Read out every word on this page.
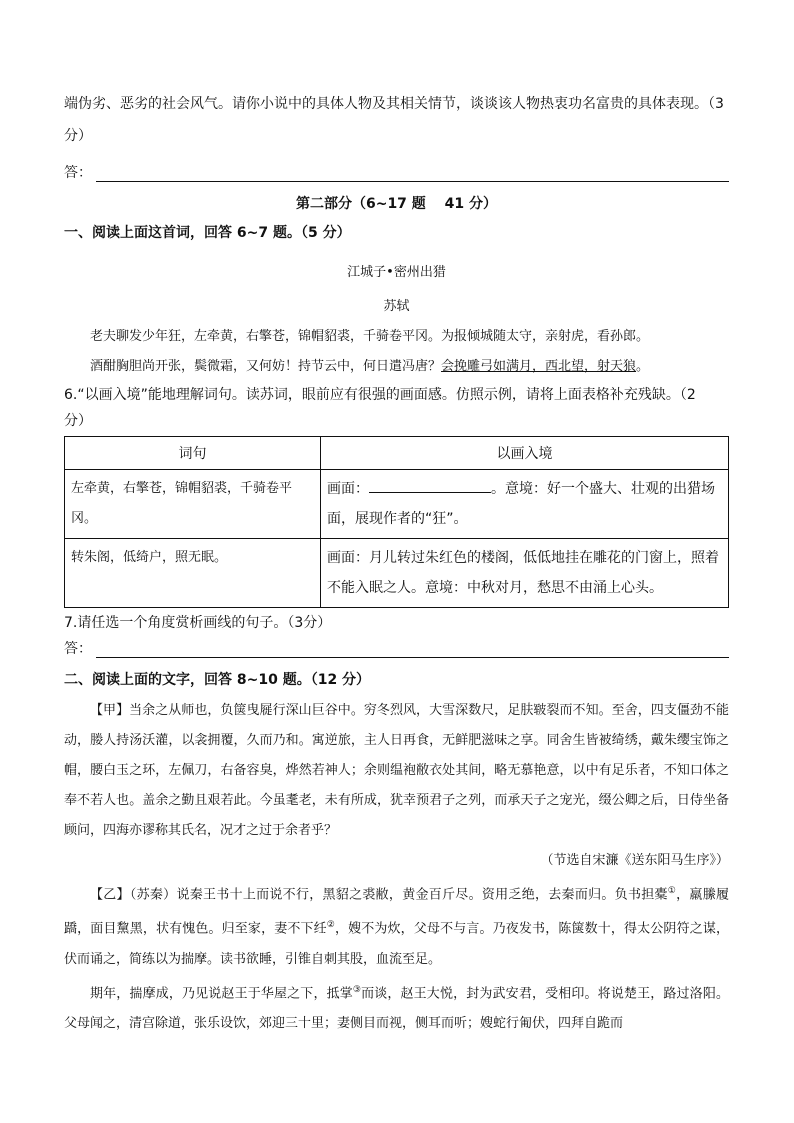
端伪劣、恶劣的社会风气。请你小说中的具体人物及其相关情节，谈谈该人物热衷功名富贵的具体表现。（3
分）
答：
第二部分（6~17 题　 41 分）
一、阅读上面这首词，回答 6~7 题。（5 分）
江城子•密州出猎
苏轼
老夫聊发少年狂，左牵黄，右擎苍，锦帽貂裘，千骑卷平冈。为报倾城随太守，亲射虎，看孙郎。
酒酣胸胆尚开张，鬓微霜，又何妨！持节云中，何日遣冯唐？会挽雕弓如满月，西北望，射天狼。
6.“以画入境”能地理解词句。读苏词，眼前应有很强的画面感。仿照示例，请将上面表格补充残缺。（2
分）
词句	以画入境
左牵黄，右擎苍，锦帽貂裘，千骑卷平冈。	画面： 。意境：好一个盛大、壮观的出猎场面，展现作者的“狂”。
转朱阁，低绮户，照无眠。	画面：月儿转过朱红色的楼阁，低低地挂在雕花的门窗上，照着不能入眠之人。意境：中秋对月，愁思不由涌上心头。
7.请任选一个角度赏析画线的句子。（3分）
答：
二、阅读上面的文字，回答 8~10 题。（12 分）
【甲】当余之从师也，负箧曳屣行深山巨谷中。穷冬烈风，大雪深数尺，足肤皲裂而不知。至舍，四支僵劲不能动，媵人持汤沃灌，以衾拥覆，久而乃和。寓逆旅，主人日再食，无鲜肥滋味之享。同舍生皆被绮绣，戴朱缨宝饰之帽，腰白玉之环，左佩刀，右备容臭，烨然若神人；余则缊袍敝衣处其间，略无慕艳意，以中有足乐者，不知口体之奉不若人也。盖余之勤且艰若此。今虽耄老，未有所成，犹幸预君子之列，而承天子之宠光，缀公卿之后，日侍坐备顾问，四海亦谬称其氏名，况才之过于余者乎？
（节选自宋濂《送东阳马生序》）
【乙】（苏秦）说秦王书十上而说不行，黑貂之裘敝，黄金百斤尽。资用乏绝，去秦而归。负书担橐①，羸縢履蹻，面目黧黑，状有愧色。归至家，妻不下纴②，嫂不为炊，父母不与言。乃夜发书，陈箧数十，得太公阴符之谋，伏而诵之，简练以为揣摩。读书欲睡，引锥自刺其股，血流至足。
期年，揣摩成，乃见说赵王于华屋之下，抵掌③而谈，赵王大悦，封为武安君，受相印。将说楚王，路过洛阳。父母闻之，清宫除道，张乐设饮，郊迎三十里；妻侧目而视，侧耳而听；嫂蛇行匍伏，四拜自跪而
